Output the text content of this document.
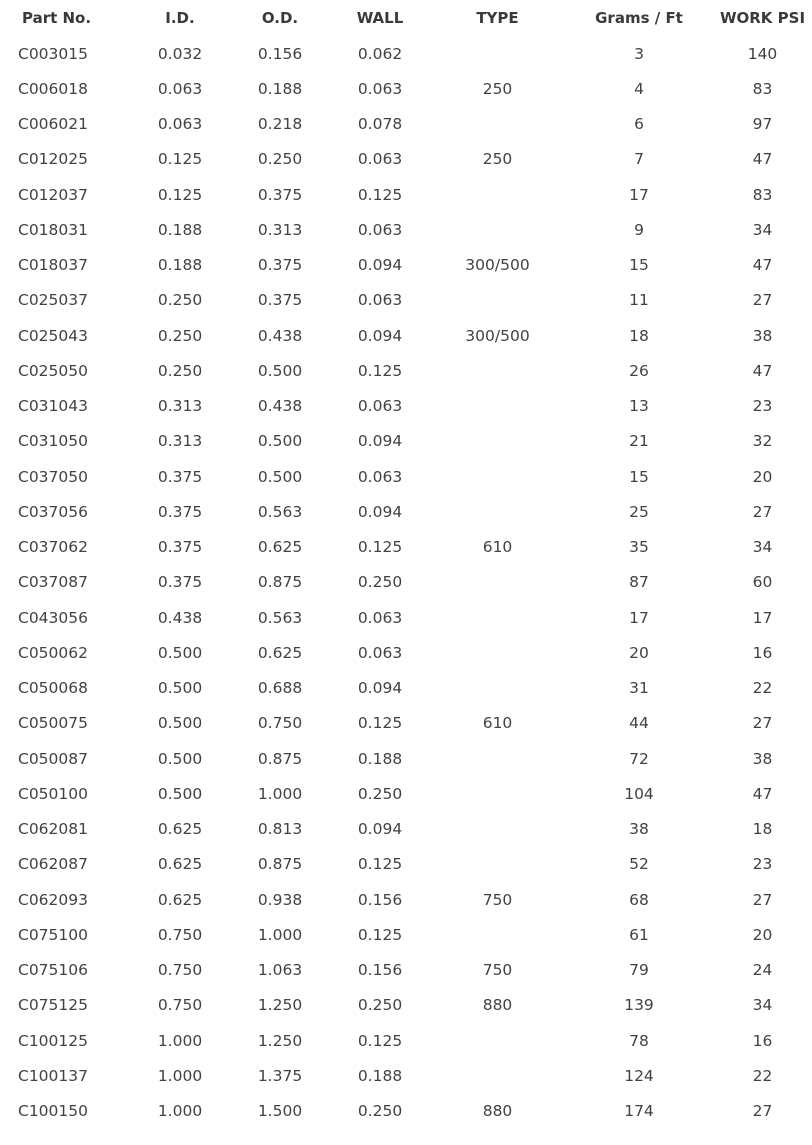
Part No.	I.D.	O.D.	WALL	TYPE	Grams / Ft	WORK PSI
C003015	0.032	0.156	0.062		3	140
C006018	0.063	0.188	0.063	250	4	83
C006021	0.063	0.218	0.078		6	97
C012025	0.125	0.250	0.063	250	7	47
C012037	0.125	0.375	0.125		17	83
C018031	0.188	0.313	0.063		9	34
C018037	0.188	0.375	0.094	300/500	15	47
C025037	0.250	0.375	0.063		11	27
C025043	0.250	0.438	0.094	300/500	18	38
C025050	0.250	0.500	0.125		26	47
C031043	0.313	0.438	0.063		13	23
C031050	0.313	0.500	0.094		21	32
C037050	0.375	0.500	0.063		15	20
C037056	0.375	0.563	0.094		25	27
C037062	0.375	0.625	0.125	610	35	34
C037087	0.375	0.875	0.250		87	60
C043056	0.438	0.563	0.063		17	17
C050062	0.500	0.625	0.063		20	16
C050068	0.500	0.688	0.094		31	22
C050075	0.500	0.750	0.125	610	44	27
C050087	0.500	0.875	0.188		72	38
C050100	0.500	1.000	0.250		104	47
C062081	0.625	0.813	0.094		38	18
C062087	0.625	0.875	0.125		52	23
C062093	0.625	0.938	0.156	750	68	27
C075100	0.750	1.000	0.125		61	20
C075106	0.750	1.063	0.156	750	79	24
C075125	0.750	1.250	0.250	880	139	34
C100125	1.000	1.250	0.125		78	16
C100137	1.000	1.375	0.188		124	22
C100150	1.000	1.500	0.250	880	174	27
